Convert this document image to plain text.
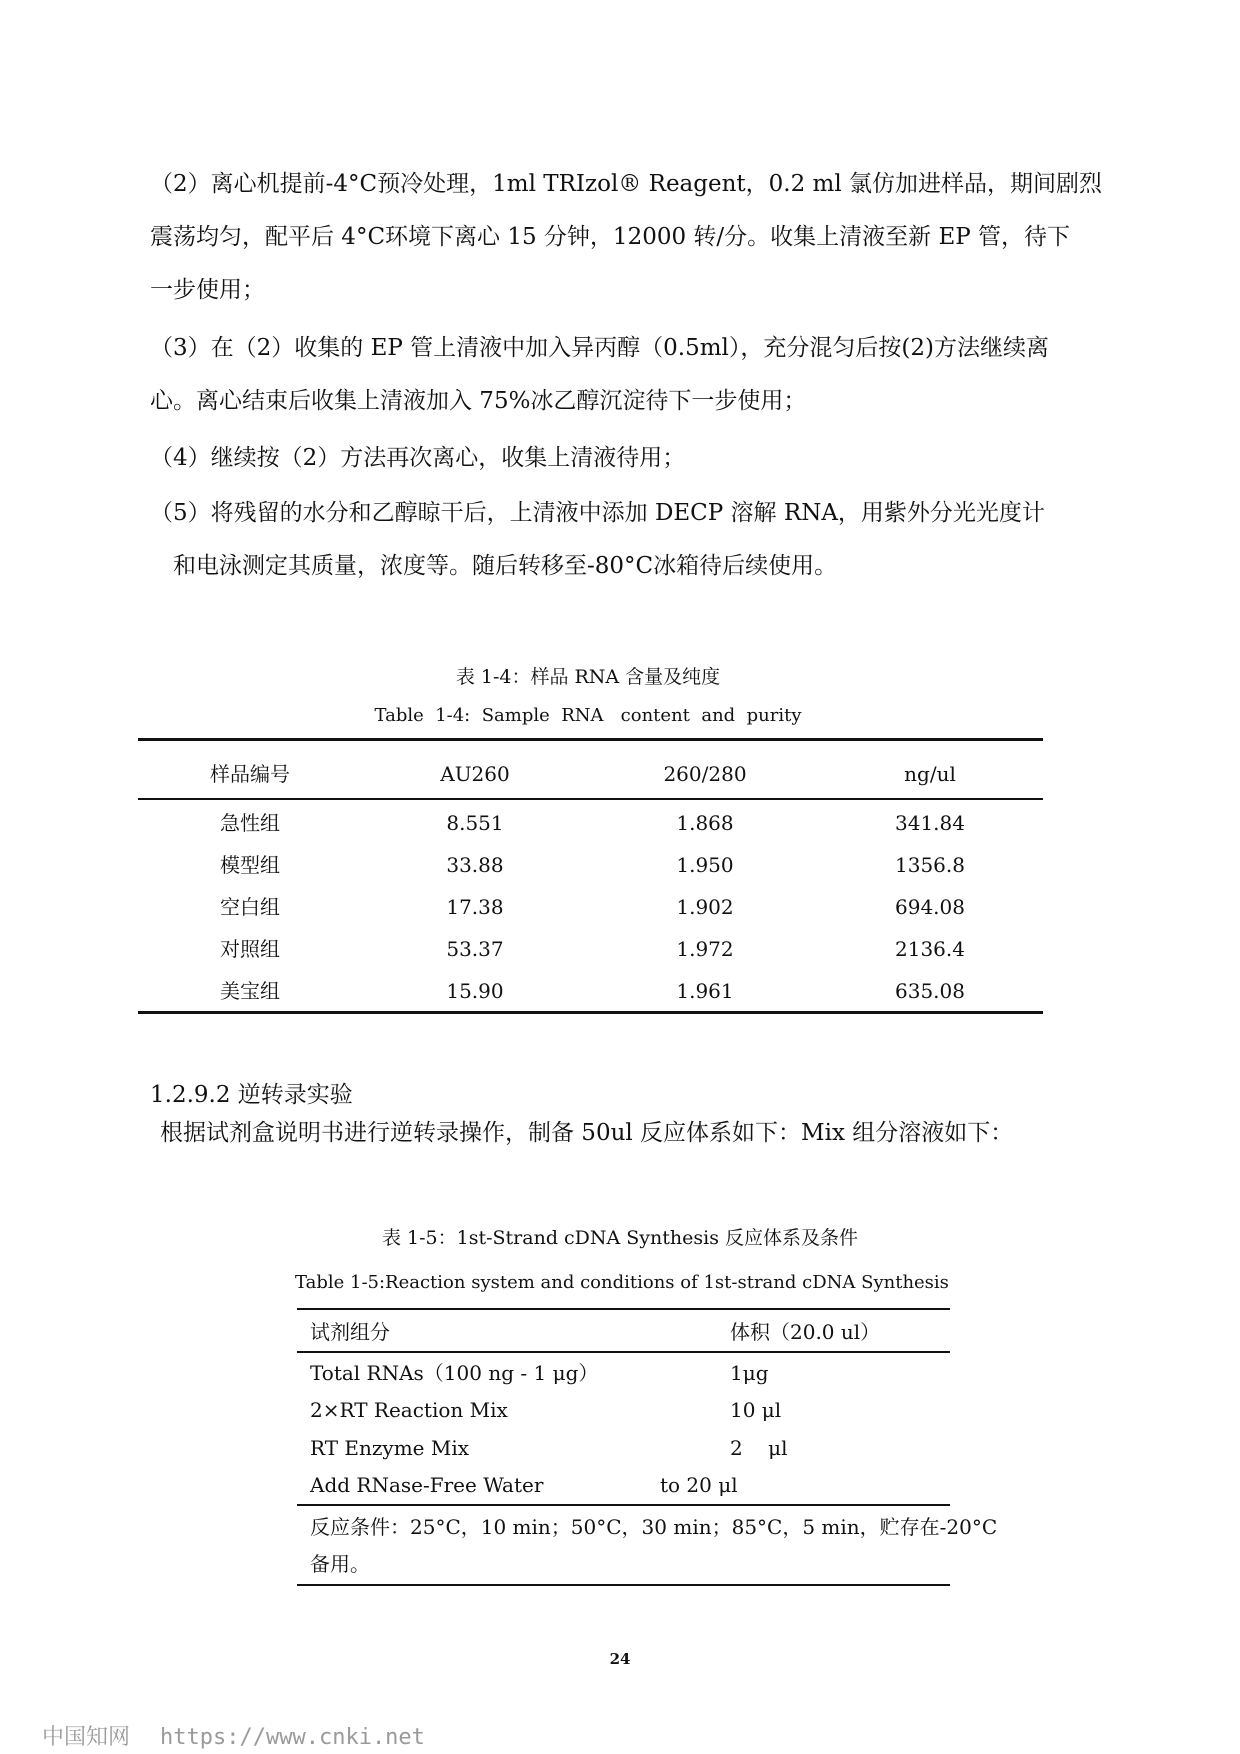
（2）离心机提前-4°C预冷处理，1ml TRIzol® Reagent，0.2 ml 氯仿加进样品，期间剧烈
震荡均匀，配平后 4°C环境下离心 15 分钟，12000 转/分。收集上清液至新 EP 管，待下
一步使用；
（3）在（2）收集的 EP 管上清液中加入异丙醇（0.5ml），充分混匀后按(2)方法继续离
心。离心结束后收集上清液加入 75%冰乙醇沉淀待下一步使用；
（4）继续按（2）方法再次离心，收集上清液待用；
（5）将残留的水分和乙醇晾干后，上清液中添加 DECP 溶解 RNA，用紫外分光光度计
和电泳测定其质量，浓度等。随后转移至-80°C冰箱待后续使用。
表 1-4：样品 RNA 含量及纯度
Table  1-4:  Sample  RNA   content  and  purity
样品编号	AU260	260/280	ng/ul
急性组	8.551	1.868	341.84
模型组	33.88	1.950	1356.8
空白组	17.38	1.902	694.08
对照组	53.37	1.972	2136.4
美宝组	15.90	1.961	635.08
1.2.9.2 逆转录实验
根据试剂盒说明书进行逆转录操作，制备 50ul 反应体系如下：Mix 组分溶液如下：
表 1-5：1st-Strand cDNA Synthesis 反应体系及条件
Table 1-5:Reaction system and conditions of 1st-strand cDNA Synthesis
试剂组分	体积（20.0 ul）
Total RNAs（100 ng - 1 μg）	1μg
2×RT Reaction Mix	10 μl
RT Enzyme Mix	2    μl
Add RNase-Free Water	to 20 μl
反应条件：25°C，10 min；50°C，30 min；85°C，5 min，贮存在-20°C
备用。
24
中国知网 https://www.cnki.net
